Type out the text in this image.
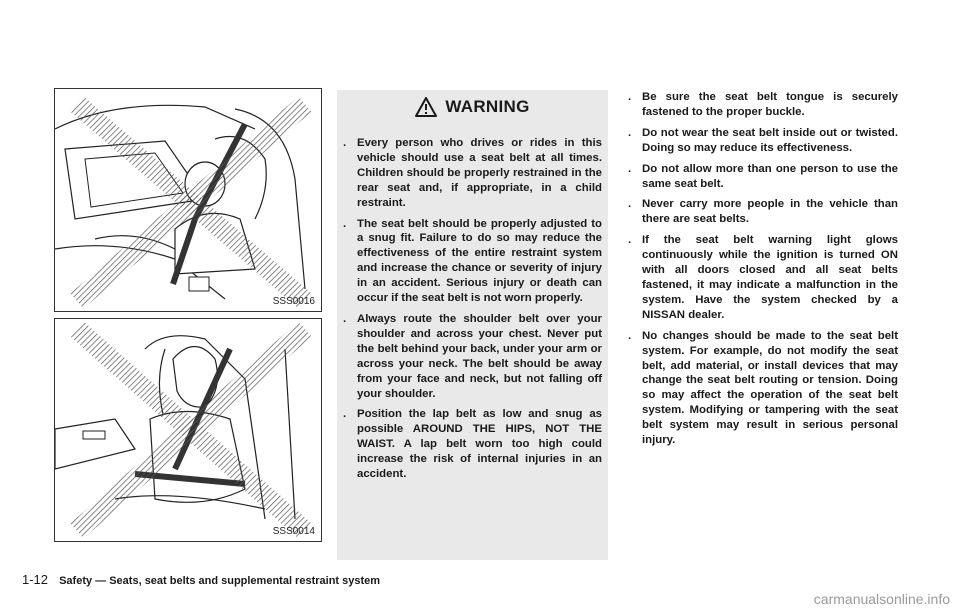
SSS0016
SSS0014
WARNING
. Every person who drives or rides in this vehicle should use a seat belt at all times. Children should be properly restrained in the rear seat and, if appropriate, in a child restraint.
. The seat belt should be properly adjusted to a snug fit. Failure to do so may reduce the effectiveness of the entire restraint system and increase the chance or severity of injury in an accident. Serious injury or death can occur if the seat belt is not worn properly.
. Always route the shoulder belt over your shoulder and across your chest. Never put the belt behind your back, under your arm or across your neck. The belt should be away from your face and neck, but not falling off your shoulder.
. Position the lap belt as low and snug as possible AROUND THE HIPS, NOT THE WAIST. A lap belt worn too high could increase the risk of internal injuries in an accident.
. Be sure the seat belt tongue is securely fastened to the proper buckle.
. Do not wear the seat belt inside out or twisted. Doing so may reduce its effectiveness.
. Do not allow more than one person to use the same seat belt.
. Never carry more people in the vehicle than there are seat belts.
. If the seat belt warning light glows continuously while the ignition is turned ON with all doors closed and all seat belts fastened, it may indicate a malfunction in the system. Have the system checked by a NISSAN dealer.
. No changes should be made to the seat belt system. For example, do not modify the seat belt, add material, or install devices that may change the seat belt routing or tension. Doing so may affect the operation of the seat belt system. Modifying or tampering with the seat belt system may result in serious personal injury.
1-12 Safety — Seats, seat belts and supplemental restraint system
carmanualsonline.info
